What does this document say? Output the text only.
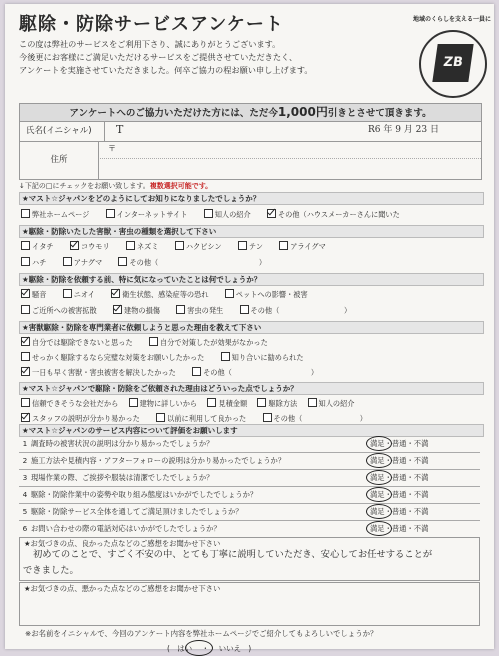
駆除・防除サービスアンケート
この度は弊社のサービスをご利用下さり、誠にありがとうございます。
今後更にお客様にご満足いただけるサービスをご提供させていただきたく、
アンケートを実施させていただきました。何卒ご協力の程お願い申し上げます。
地域のくらしを支える一員に
ZB
アンケートへのご協力いただけた方には、ただ今1,000円引きとさせて頂きます。
氏名(イニシャル)	T	R6 年 9 月 23 日
住所
〒
↓下記の□にチェックをお願い致します。複数選択可能です。
★マスト☆ジャパンをどのようにしてお知りになりましたでしょうか？
弊社ホームページ	インターネットサイト	知人の紹介	その他（ハウスメーカーさんに聞いた
★駆除・防除いたした害獣・害虫の種類を選択して下さい
イタチ	コウモリ	ネズミ	ハクビシン	テン	アライグマ
ハチ	アナグマ	その他（　　　　　　　　　　　　　　）
★駆除・防除を依頼する前、特に気になっていたことは何でしょうか？
騒音	ニオイ	衛生状態、感染症等の恐れ	ペットへの影響・被害
ご近所への被害拡散	建物の損傷	害虫の発生	その他（　　　　　　　　　）
★害獣駆除・防除を専門業者に依頼しようと思った理由を教えて下さい
自分では駆除できないと思った	自分で対策したが効果がなかった
せっかく駆除するなら完璧な対策をお願いしたかった	知り合いに勧められた
一日も早く害獣・害虫被害を解決したかった	その他（　　　　　　　　　　　）
★マスト☆ジャパンで駆除・防除をご依頼された理由はどういった点でしょうか？
信頼できそうな会社だから	建物に詳しいから	見積金額	駆除方法	知人の紹介
スタッフの説明が分かり易かった	以前に利用して良かった	その他（　　　　　　　　）
★マスト☆ジャパンのサービス内容について評価をお願いします
1 調査時の被害状況の説明は分かり易かったでしょうか？	満足・普通・不満
2 施工方法や見積内容・アフターフォローの説明は分かり易かったでしょうか？	満足・普通・不満
3 現場作業の際、ご挨拶や服装は清潔でしたでしょうか？	満足・普通・不満
4 駆除・防除作業中の姿勢や取り組み態度はいかがでしたでしょうか？	満足・普通・不満
5 駆除・防除サービス全体を通してご満足頂けましたでしょうか？	満足・普通・不満
6 お問い合わせの際の電話対応はいかがでしたでしょうか？	満足・普通・不満
★お気づきの点、良かった点などのご感想をお聞かせ下さい
初めてのことで、すごく不安の中、とても丁寧に説明していただき、安心してお任せすることが
できました。
★お気づきの点、悪かった点などのご感想をお聞かせ下さい
※お名前をイニシャルで、今回のアンケート内容を弊社ホームページでご紹介してもよろしいでしょうか？
(   はい    ・    いいえ   )
